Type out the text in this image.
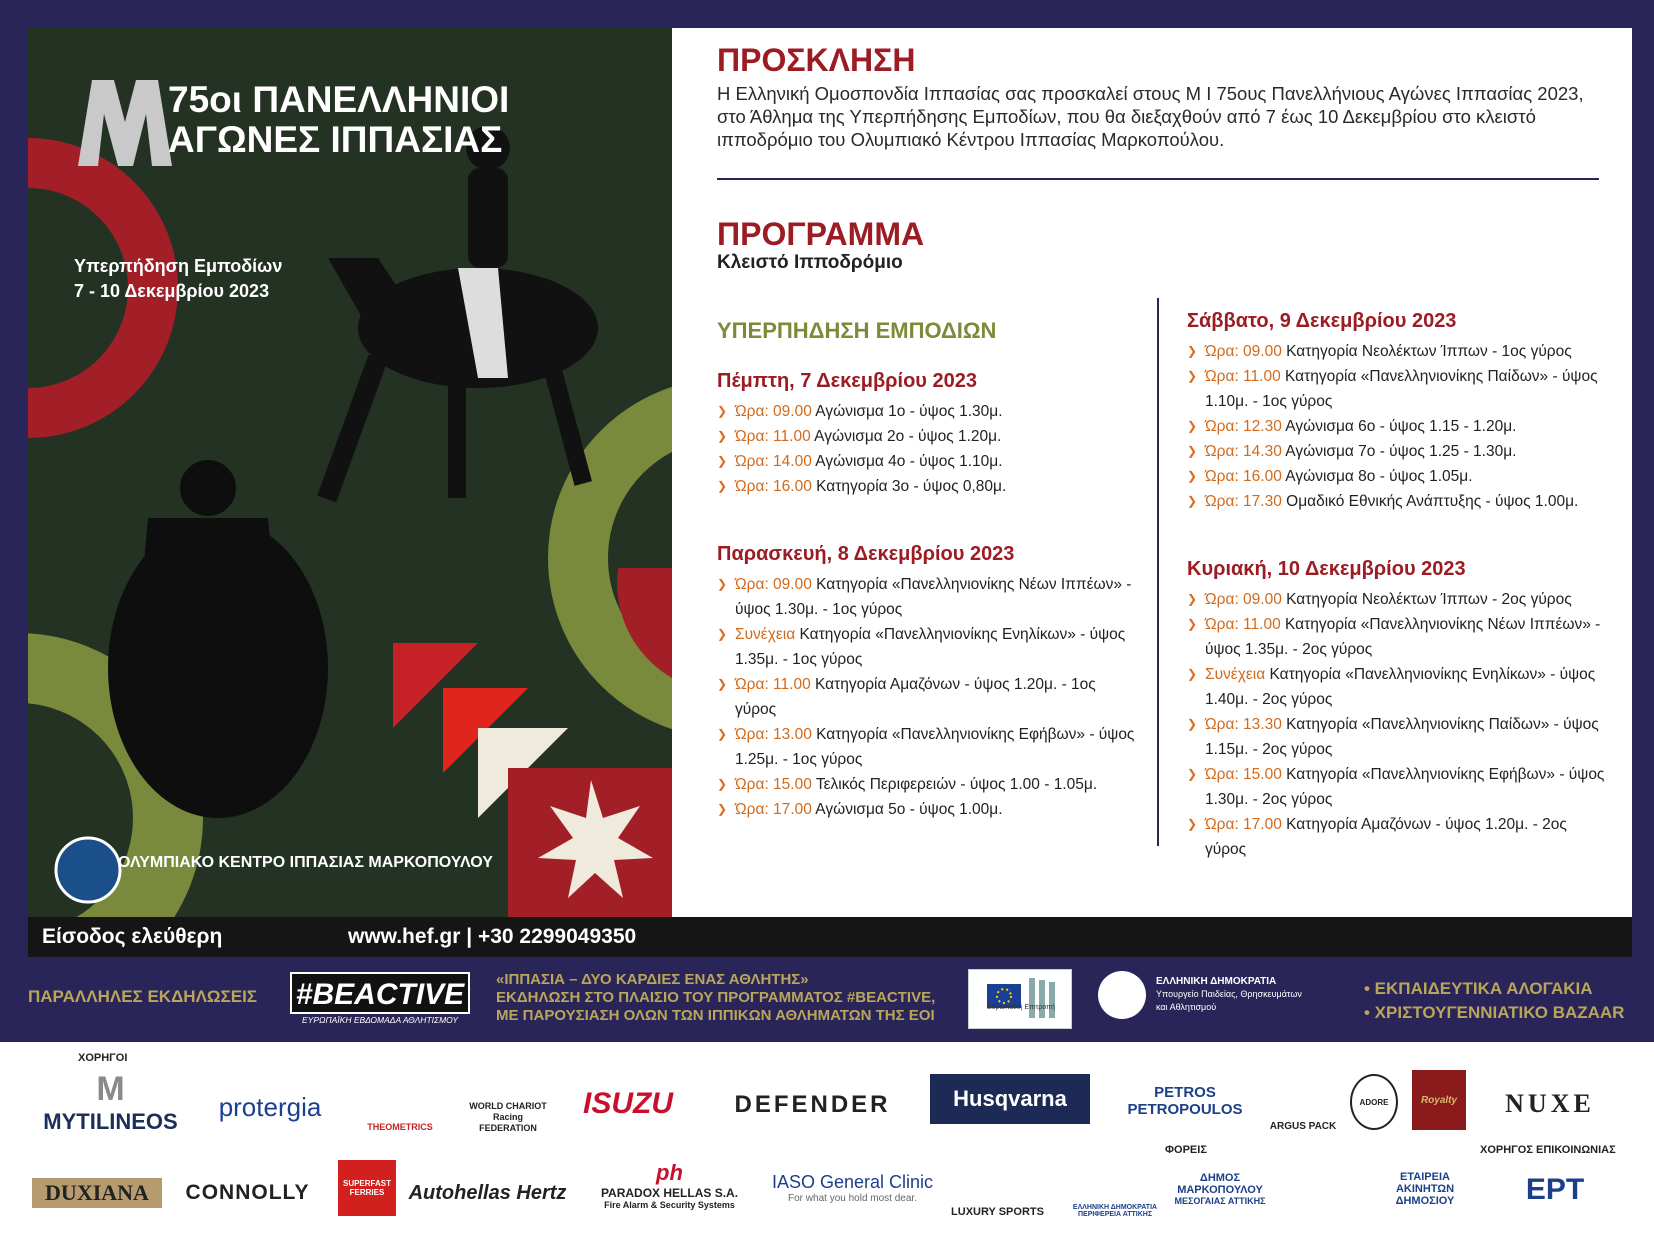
75οι ΠΑΝΕΛΛΗΝΙΟΙ
ΑΓΩΝΕΣ ΙΠΠΑΣΙΑΣ
Υπερπήδηση Εμποδίων
7 - 10 Δεκεμβρίου 2023
ΟΛΥΜΠΙΑΚΟ ΚΕΝΤΡΟ ΙΠΠΑΣΙΑΣ ΜΑΡΚΟΠΟΥΛΟΥ
ΠΡΟΣΚΛΗΣΗ
Η Ελληνική Ομοσπονδία Ιππασίας σας προσκαλεί στους Μ Ι 75ους Πανελλήνιους Αγώνες Ιππασίας 2023, στο Άθλημα της Υπερπήδησης Εμποδίων, που θα διεξαχθούν από 7 έως 10 Δεκεμβρίου στο κλειστό ιπποδρόμιο του Ολυμπιακό Κέντρου Ιππασίας Μαρκοπούλου.
ΠΡΟΓΡΑΜΜΑ
Κλειστό Ιπποδρόμιο
ΥΠΕΡΠΗΔΗΣΗ ΕΜΠΟΔΙΩΝ
Πέμπτη, 7 Δεκεμβρίου 2023
❯ Ώρα: 09.00 Αγώνισμα 1ο - ύψος 1.30μ.
❯ Ώρα: 11.00 Αγώνισμα 2ο - ύψος 1.20μ.
❯ Ώρα: 14.00 Αγώνισμα 4ο - ύψος 1.10μ.
❯ Ώρα: 16.00 Κατηγορία 3ο - ύψος 0,80μ.
Παρασκευή, 8 Δεκεμβρίου 2023
❯ Ώρα: 09.00 Κατηγορία «Πανελληνιονίκης Νέων Ιππέων» - ύψος 1.30μ. - 1ος γύρος
❯ Συνέχεια Κατηγορία «Πανελληνιονίκης Ενηλίκων» - ύψος 1.35μ. - 1ος γύρος
❯ Ώρα: 11.00 Κατηγορία Αμαζόνων - ύψος 1.20μ. - 1ος γύρος
❯ Ώρα: 13.00 Κατηγορία «Πανελληνιονίκης Εφήβων» - ύψος 1.25μ. - 1ος γύρος
❯ Ώρα: 15.00 Τελικός Περιφερειών - ύψος 1.00 - 1.05μ.
❯ Ώρα: 17.00 Αγώνισμα 5ο - ύψος 1.00μ.
Σάββατο, 9 Δεκεμβρίου 2023
❯ Ώρα: 09.00 Κατηγορία Νεολέκτων Ίππων - 1ος γύρος
❯ Ώρα: 11.00 Κατηγορία «Πανελληνιονίκης Παίδων» - ύψος 1.10μ. - 1ος γύρος
❯ Ώρα: 12.30 Αγώνισμα 6ο - ύψος 1.15 - 1.20μ.
❯ Ώρα: 14.30 Αγώνισμα 7ο - ύψος 1.25 - 1.30μ.
❯ Ώρα: 16.00 Αγώνισμα 8ο - ύψος 1.05μ.
❯ Ώρα: 17.30 Ομαδικό Εθνικής Ανάπτυξης - ύψος 1.00μ.
Κυριακή, 10 Δεκεμβρίου 2023
❯ Ώρα: 09.00 Κατηγορία Νεολέκτων Ίππων - 2ος γύρος
❯ Ώρα: 11.00 Κατηγορία «Πανελληνιονίκης Νέων Ιππέων» - ύψος 1.35μ. - 2ος γύρος
❯ Συνέχεια Κατηγορία «Πανελληνιονίκης Ενηλίκων» - ύψος 1.40μ. - 2ος γύρος
❯ Ώρα: 13.30 Κατηγορία «Πανελληνιονίκης Παίδων» - ύψος 1.15μ. - 2ος γύρος
❯ Ώρα: 15.00 Κατηγορία «Πανελληνιονίκης Εφήβων» - ύψος 1.30μ. - 2ος γύρος
❯ Ώρα: 17.00 Κατηγορία Αμαζόνων - ύψος 1.20μ. - 2ος γύρος
Είσοδος ελεύθερη	www.hef.gr | +30 2299049350
ΠΑΡΑΛΛΗΛΕΣ ΕΚΔΗΛΩΣΕΙΣ #BEACTIVE
ΕΥΡΩΠΑΪΚΗ ΕΒΔΟΜΑΔΑ ΑΘΛΗΤΙΣΜΟΥ
«ΙΠΠΑΣΙΑ – ΔΥΟ ΚΑΡΔΙΕΣ ΕΝΑΣ ΑΘΛΗΤΗΣ»
ΕΚΔΗΛΩΣΗ ΣΤΟ ΠΛΑΙΣΙΟ ΤΟΥ ΠΡΟΓΡΑΜΜΑΤΟΣ #BEACTIVE,
ΜΕ ΠΑΡΟΥΣΙΑΣΗ ΟΛΩΝ ΤΩΝ ΙΠΠΙΚΩΝ ΑΘΛΗΜΑΤΩΝ ΤΗΣ ΕΟΙ	Ευρωπαϊκή Επιτροπή
ΕΛΛΗΝΙΚΗ ΔΗΜΟΚΡΑΤΙΑ
Υπουργείο Παιδείας, Θρησκευμάτων
και Αθλητισμού
• ΕΚΠΑΙΔΕΥΤΙΚΑ ΑΛΟΓΑΚΙΑ
• ΧΡΙΣΤΟΥΓΕΝΝΙΑΤΙΚΟ BAZAAR
ΧΟΡΗΓΟΙ
ΦΟΡΕΙΣ	ΧΟΡΗΓΟΣ ΕΠΙΚΟΙΝΩΝΙΑΣ
M
MYTILINEOS	protergia
THEOMETRICS
WORLD CHARIOT Racing FEDERATION
ISUZU	DEFENDER	Husqvarna	PETROS PETROPOULOS
ARGUS PACK
ADORE	Royalty	NUXE
DUXIANA	CONNOLLY	SUPERFAST FERRIES	Autohellas Hertz
ph
PARADOX HELLAS S.A.
Fire Alarm & Security Systems
IASO General Clinic
For what you hold most dear.
LUXURY SPORTS	ΕΛΛΗΝΙΚΗ ΔΗΜΟΚΡΑΤΙΑ
ΠΕΡΙΦΕΡΕΙΑ ΑΤΤΙΚΗΣ
ΔΗΜΟΣ ΜΑΡΚΟΠΟΥΛΟΥ
ΜΕΣΟΓΑΙΑΣ ΑΤΤΙΚΗΣ
ΕΤΑΙΡΕΙΑ ΑΚΙΝΗΤΩΝ ΔΗΜΟΣΙΟΥ	ΕΡΤ
